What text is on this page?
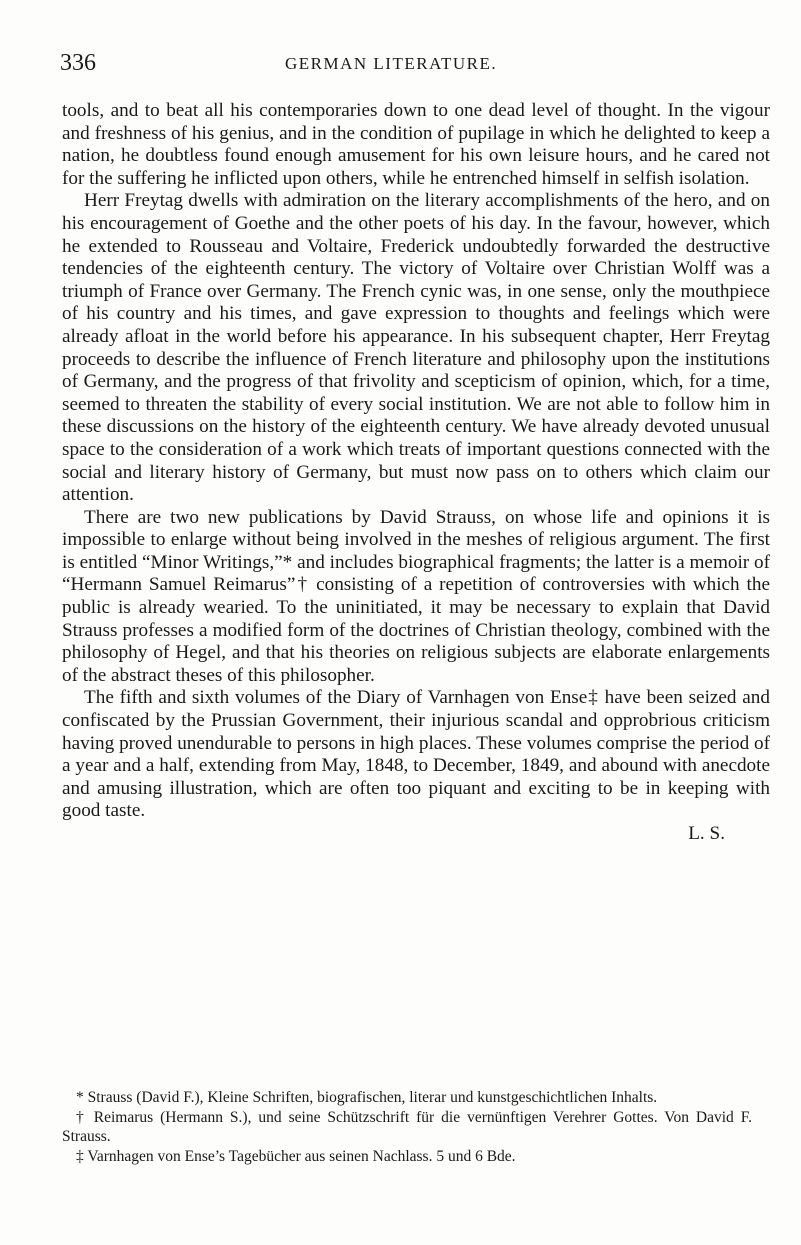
336	GERMAN LITERATURE.

tools, and to beat all his contemporaries down to one dead level of thought. In the vigour and freshness of his genius, and in the condition of pupilage in which he delighted to keep a nation, he doubtless found enough amusement for his own leisure hours, and he cared not for the suffering he inflicted upon others, while he entrenched himself in selfish isolation.

Herr Freytag dwells with admiration on the literary accomplishments of the hero, and on his encouragement of Goethe and the other poets of his day. In the favour, however, which he extended to Rousseau and Voltaire, Frederick undoubtedly forwarded the destructive tendencies of the eighteenth century. The victory of Voltaire over Christian Wolff was a triumph of France over Germany. The French cynic was, in one sense, only the mouthpiece of his country and his times, and gave expression to thoughts and feelings which were already afloat in the world before his appearance. In his subsequent chapter, Herr Freytag proceeds to describe the influence of French literature and philosophy upon the institutions of Germany, and the progress of that frivolity and scepticism of opinion, which, for a time, seemed to threaten the stability of every social institution. We are not able to follow him in these discussions on the history of the eighteenth century. We have already devoted unusual space to the consideration of a work which treats of important questions connected with the social and literary history of Germany, but must now pass on to others which claim our attention.

There are two new publications by David Strauss, on whose life and opinions it is impossible to enlarge without being involved in the meshes of religious argument. The first is entitled “Minor Writings,”* and includes biographical fragments; the latter is a memoir of “Hermann Samuel Reimarus”† consisting of a repetition of controversies with which the public is already wearied. To the uninitiated, it may be necessary to explain that David Strauss professes a modified form of the doctrines of Christian theology, combined with the philosophy of Hegel, and that his theories on religious subjects are elaborate enlargements of the abstract theses of this philosopher.

The fifth and sixth volumes of the Diary of Varnhagen von Ense‡ have been seized and confiscated by the Prussian Government, their injurious scandal and opprobrious criticism having proved unendurable to persons in high places. These volumes comprise the period of a year and a half, extending from May, 1848, to December, 1849, and abound with anecdote and amusing illustration, which are often too piquant and exciting to be in keeping with good taste.

L. S.

* Strauss (David F.), Kleine Schriften, biografischen, literar und kunstgeschichtlichen Inhalts.

† Reimarus (Hermann S.), und seine Schützschrift für die vernünftigen Verehrer Gottes. Von David F. Strauss.

‡ Varnhagen von Ense’s Tagebücher aus seinen Nachlass. 5 und 6 Bde.
